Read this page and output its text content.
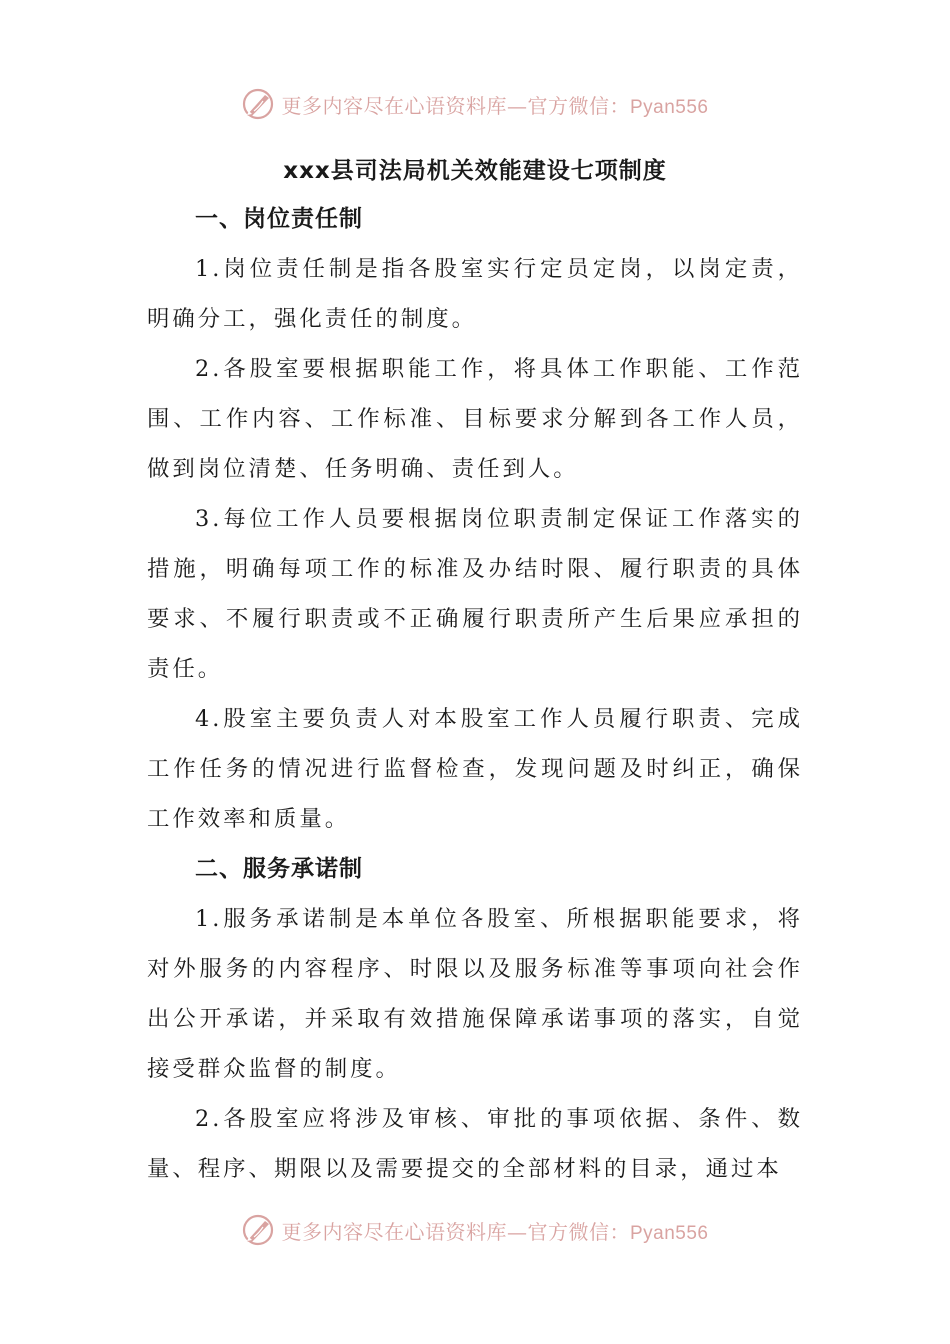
更多内容尽在心语资料库—官方微信：Pyan556
xxx县司法局机关效能建设七项制度
一、岗位责任制

1.岗位责任制是指各股室实行定员定岗，以岗定责，明确分工，强化责任的制度。

2.各股室要根据职能工作，将具体工作职能、工作范围、工作内容、工作标准、目标要求分解到各工作人员，做到岗位清楚、任务明确、责任到人。

3.每位工作人员要根据岗位职责制定保证工作落实的措施，明确每项工作的标准及办结时限、履行职责的具体要求、不履行职责或不正确履行职责所产生后果应承担的责任。

4.股室主要负责人对本股室工作人员履行职责、完成工作任务的情况进行监督检查，发现问题及时纠正，确保工作效率和质量。

二、服务承诺制

1.服务承诺制是本单位各股室、所根据职能要求，将对外服务的内容程序、时限以及服务标准等事项向社会作出公开承诺，并采取有效措施保障承诺事项的落实，自觉接受群众监督的制度。

2.各股室应将涉及审核、审批的事项依据、条件、数量、程序、期限以及需要提交的全部材料的目录，通过本

更多内容尽在心语资料库—官方微信：Pyan556
